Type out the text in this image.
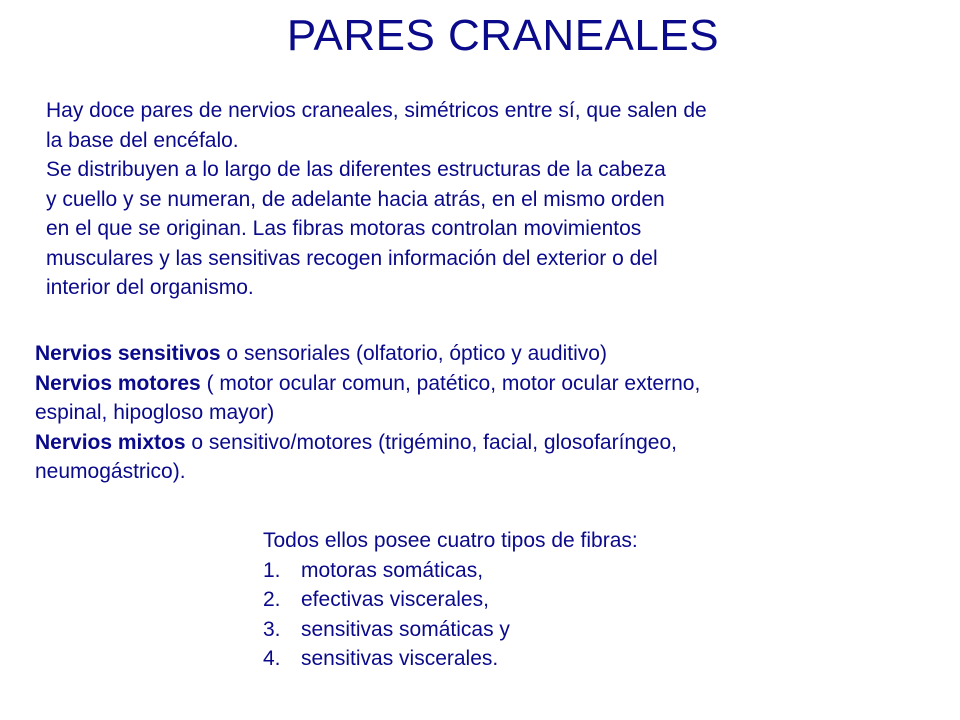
PARES CRANEALES
Hay doce pares de nervios craneales, simétricos entre sí, que salen de
la base del encéfalo.
Se distribuyen a lo largo de las diferentes estructuras de la cabeza
y cuello y se numeran, de adelante hacia atrás, en el mismo orden
en el que se originan. Las fibras motoras controlan movimientos
musculares y las sensitivas recogen información del exterior o del
interior del organismo.
Nervios sensitivos o sensoriales (olfatorio, óptico y auditivo)
Nervios motores ( motor ocular comun, patético, motor ocular externo,
espinal, hipogloso mayor)
Nervios mixtos o sensitivo/motores (trigémino, facial, glosofaríngeo,
neumogástrico).
Todos ellos posee cuatro tipos de fibras:
1. motoras somáticas,
2. efectivas viscerales,
3. sensitivas somáticas y
4. sensitivas viscerales.
